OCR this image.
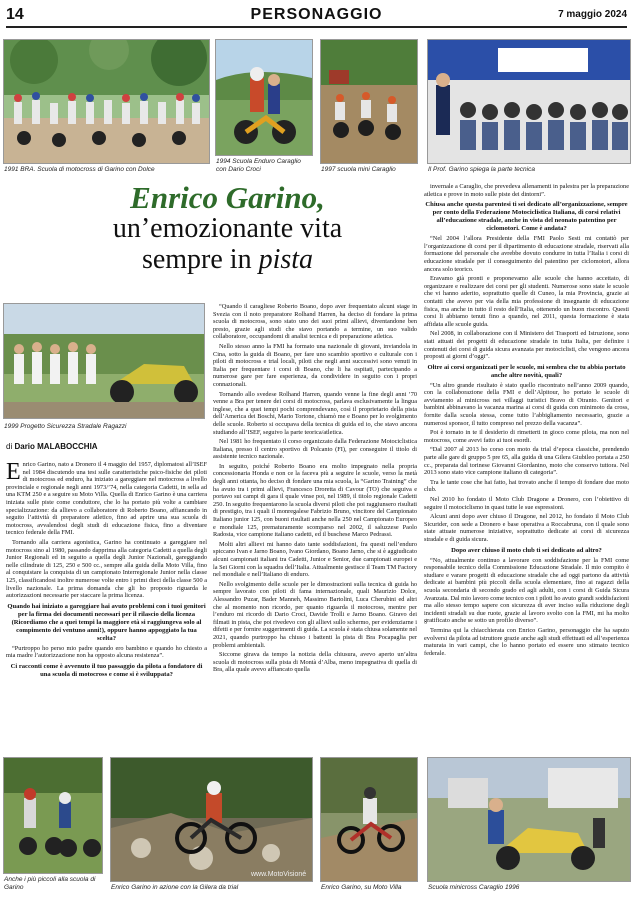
14	PERSONAGGIO	7 maggio 2024
1991 BRA. Scuola di motocross di Garino con Dolce
1994 Scuola Enduro Caraglio con Dario Croci	1997 scuola mini Caraglio	Il Prof. Garino spiega la parte tecnica
Enrico Garino,
un’emozionante vita
sempre in pista
1999 Progetto Sicurezza Stradale Ragazzi
di Dario MALABOCCHIA

Enrico Garino, nato a Dronero il 4 maggio del 1957, diplomatosi all’ISEF nel 1984 discutendo una tesi sulle caratteristiche psico-fisiche dei piloti di motocross ed enduro, ha iniziato a gareggiare nel motocross a livello provinciale e regionale negli anni 1973/’74, nella categoria Cadetti, in sella ad una KTM 250 e a seguire su Moto Villa. Quella di Enrico Garino è una carriera iniziata sulle piste come conduttore, che lo ha portato più volte a cambiare specializzazione: da allievo a collaboratore di Roberto Boano, affiancando in seguito l’attività di preparatore atletico, fino ad aprire una sua scuola di motocross, avvalendosi degli studi di educazione fisica, fino a diventare tecnico federale della FMI.

Tornando alla carriera agonistica, Garino ha continuato a gareggiare nel motocross sino al 1980, passando dapprima alla categoria Cadetti a quella degli Junior Regionali ed in seguito a quella degli Junior Nazionali, gareggiando nelle cilindrate di 125, 250 e 500 cc., sempre alla guida della Moto Villa, fino al conquistare la conquista di un campionato Interregionale Junior nella classe 125, classificandosi inoltre numerose volte entro i primi dieci della classe 500 a livello nazionale. La prima domanda che gli ho proposto riguarda le autorizzazioni necessarie per staccare la prima licenza.

Quando hai iniziato a gareggiare hai avuto problemi con i tuoi genitori per la firma dei documenti necessari per il rilascio della licenza (Ricordiamo che a quei tempi la maggiore età si raggiungeva solo al compimento dei ventuno anni!), oppure hanno appoggiato la tua scelta?

“Purtroppo ho perso mio padre quando ero bambino e quando ho chiesto a mia madre l’autorizzazione non ha opposto alcuna resistenza”.

Ci racconti come è avvenuto il tuo passaggio da pilota a fondatore di una scuola di motocross e come si è sviluppata?

“Quando il caragliese Roberto Boano, dopo aver frequentato alcuni stage in Svezia con il noto preparatore Rolhand Harren, ha deciso di fondare la prima scuola di motocross, sono stato uno dei suoi primi allievi, diventandone ben presto, grazie agli studi che stavo portando a termine, un suo valido collaboratore, occupandomi di analisi tecnica e di preparazione atletica.

Nello stesso anno la FMI ha formato una nazionale di giovani, inviandola in Cina, sotto la guida di Boano, per fare uno scambio sportivo e culturale con i piloti di motocross e trial locali, piloti che negli anni successivi sono venuti in Italia per frequentare i corsi di Boano, che li ha ospitati, partecipando a numerose gare per fare esperienza, da condividere in seguito con i propri connazionali.

Tornando allo svedese Rolhand Harren, quando venne la fine degli anni ’70 venne a Bra per tenere dei corsi di motocross, parlava esclusivamente la lingua inglese, che a quei tempi pochi comprendevano, così il proprietario della pista dell’America dei Boschi, Mario Tortone, chiamò me e Boano per lo svolgimento delle scuole. Roberto si occupava della tecnica di guida ed io, che stavo ancora studiando all’ISEF, seguivo la parte teorica/atletica.

Nel 1981 ho frequentato il corso organizzato dalla Federazione Motociclistica Italiana, presso il centro sportivo di Polcanto (FI), per conseguire il titolo di assistente tecnico nazionale.

In seguito, poiché Roberto Boano era molto impegnato nella propria concessionaria Honda e non ce la faceva più a seguire le scuole, verso la metà degli anni ottanta, ho deciso di fondare una mia scuola, la “Garino Training” che ha avuto tra i primi allievi, Francesco Droretta di Cavour (TO) che seguiva e portavo sui campi di gara il quale vinse poi, nel 1989, il titolo regionale Cadetti 250. In seguito frequentarono la scuola diversi piloti che poi raggiunsero risultati di prestigio, tra i quali il monregalese Fabrizio Bruno, vincitore del Campionato Italiano junior 125, con buoni risultati anche nella 250 nel Campionato Europeo e mondiale 125, prematuramente scomparso nel 2002, il saluzzese Paolo Radosta, vice campione italiano cadetti, ed il buschese Marco Pedrassi.

Molti altri allievi mi hanno dato tante soddisfazioni, fra questi nell’enduro spiccano Ivan e Jarno Boano, Ivano Giordano, Boano Jarno, che si è aggiudicato alcuni campionati italiani tra Cadetti, Junior e Senior, due campionati europei e la Sei Giorni con la squadra dell’Italia. Attualmente gestisce il Team TM Factory nel mondiale e nell’Italiano di enduro.

Nello svolgimento delle scuole per le dimostrazioni sulla tecnica di guida ho sempre lavorato con piloti di fama internazionale, quali Maurizio Dolce, Alessandro Puzar, Bader Manneh, Massimo Bartolini, Luca Cherubini ed altri che al momento non ricordo, per quanto riguarda il motocross, mentre per l’enduro mi ricordo di Dario Croci, Davide Trolli e Jarno Boano. Giravo dei filmati in pista, che poi rivedevo con gli allievi sullo schermo, per evidenziarne i difetti e per fornire suggerimenti di guida. La scuola è stata chiusa solamente nel 2021, quando purtroppo ha chiuso i battenti la pista di Bra Pocapaglia per problemi ambientali.

Siccome girava da tempo la notizia della chiusura, avevo aperto un’altra scuola di motocross sulla pista di Montà d’Alba, meno impegnativa di quella di Bra, alla quale avevo affiancato quella

invernale a Caraglio, che prevedeva allenamenti in palestra per la preparazione atletica e prove in moto sulle piste dei dintorni”.

Chiusa anche questa parentesi ti sei dedicato all’organizzazione, sempre per conto della Federazione Motociclistica Italiana, di corsi relativi all’educazione stradale, anche in vista del neonato patentino per ciclomotori. Come è andata?

“Nel 2004 l’allora Presidente della FMI Paolo Sesti mi contattò per l’organizzazione di corsi per il dipartimento di educazione stradale, riservati alla formazione del personale che avrebbe dovuto condurre in tutta l’Italia i corsi di educazione stradale per il conseguimento del patentino per ciclomotori, allora ancora solo teorico.

Eravamo già pronti e proponevamo alle scuole che hanno accettato, di organizzare e realizzare dei corsi per gli studenti. Numerose sono state le scuole che vi hanno aderito, soprattutto quelle di Cuneo, la mia Provincia, grazie ai contatti che avevo per via della mia professione di insegnante di educazione fisica, ma anche in tutto il resto dell’Italia, ottenendo un buon riscontro. Questi corsi li abbiamo tenuti fino a quando, nel 2011, questa formazione è stata affidata alle scuole guida.

Nel 2008, in collaborazione con il Ministero dei Trasporti ed Istruzione, sono stati attuati dei progetti di educazione stradale in tutta Italia, per definire i contenuti dei corsi di guida sicura avanzata per motociclisti, che vengono ancora proposti ai giorni d’oggi”.

Oltre ai corsi organizzati per le scuole, mi sembra che tu abbia portato anche altre novità, quali?

“Un altro grande risultato è stato quello riscontrato nell’anno 2009 quando, con la collaborazione della FMI e dell’Alpitour, ho portato le scuole di avviamento al minicross nei villaggi turistici Bravo di Otranto. Genitori e bambini abbinavano la vacanza marina ai corsi di guida con minimoto da cross, fornite dalla scuola stessa, come tutto l’abbigliamento necessario, grazie a numerosi sponsor, il tutto compreso nel prezzo della vacanza”.

Poi è tornato in te il desiderio di rimetterti in gioco come pilota, ma non nel motocross, come avevi fatto ai tuoi esordi.

“Dal 2007 al 2013 ho corso con moto da trial d’epoca classiche, prendendo parte alle gare di gruppo 5 pre 65, alla guida di una Gilera Giubileo portata a 250 cc., preparata dal torinese Giovanni Giordanino, moto che conservo tuttora. Nel 2013 sono stato vice campione italiano di categoria”.

Tra le tante cose che hai fatto, hai trovato anche il tempo di fondare due moto club.

Nel 2010 ho fondato il Moto Club Dragone a Dronero, con l’obiettivo di seguire il motociclismo in quasi tutte le sue espressioni.

Alcuni anni dopo aver chiuso il Dragone, nel 2012, ho fondato il Moto Club Sicurider, con sede a Dronero e base operativa a Roccabruna, con il quale sono state attuate numerose iniziative, soprattutto dedicate ai corsi di sicurezza stradale e di guida sicura.

Dopo aver chiuso il moto club ti sei dedicato ad altro?

“No, attualmente continuo a lavorare con soddisfazione per la FMI come responsabile tecnico della Commissione Educazione Stradale. Il mio compito è studiare e varare progetti di educazione stradale che ad oggi partono da attività dedicate ai bambini più piccoli della scuola elementare, fino ai ragazzi della scuola secondaria di secondo grado ed agli adulti, con i corsi di Guida Sicura Avanzata. Dal mio lavoro come tecnico con i piloti ho avuto grandi soddisfazioni ma allo stesso tempo sapere con sicurezza di aver inciso sulla riduzione degli incidenti stradali su due ruote, grazie al lavoro svolto con la FMI, mi ha molto gratificato anche se sotto un profilo diverso”.

Termina qui la chiacchierata con Enrico Garino, personaggio che ha saputo evolversi da pilota ad istruttore grazie anche agli studi effettuati ed all’esperienza maturata in vari campi, che lo hanno portato ed essere uno stimato tecnico federale.

Anche i più piccoli alla scuola di Garino
www.MotoVisioné
Enrico Garino in azione con la Gilera da trial	Enrico Garino, su Moto Villa	Scuola minicross Caraglio 1996
